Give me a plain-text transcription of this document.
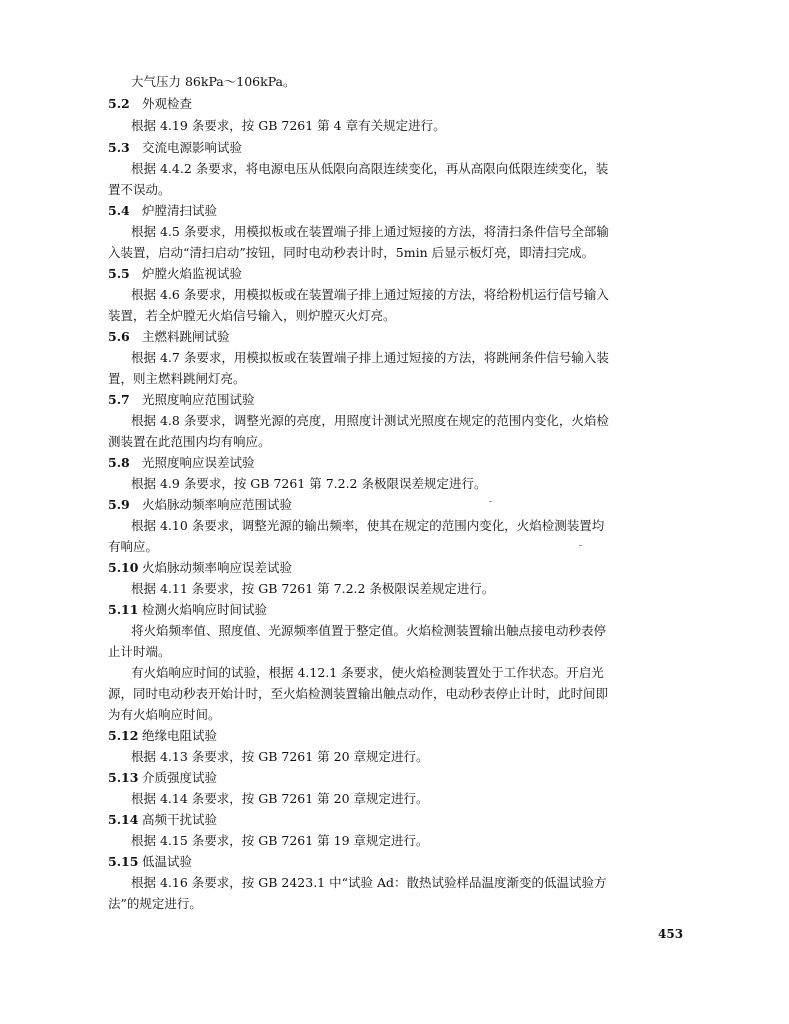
大气压力 86kPa～106kPa。
5.2 外观检查
根据 4.19 条要求，按 GB 7261 第 4 章有关规定进行。
5.3 交流电源影响试验
根据 4.4.2 条要求，将电源电压从低限向高限连续变化，再从高限向低限连续变化，装
置不误动。
5.4 炉膛清扫试验
根据 4.5 条要求，用模拟板或在装置端子排上通过短接的方法，将清扫条件信号全部输
入装置，启动“清扫启动”按钮，同时电动秒表计时，5min 后显示板灯亮，即清扫完成。
5.5 炉膛火焰监视试验
根据 4.6 条要求，用模拟板或在装置端子排上通过短接的方法，将给粉机运行信号输入
装置，若全炉膛无火焰信号输入，则炉膛灭火灯亮。
5.6 主燃料跳闸试验
根据 4.7 条要求，用模拟板或在装置端子排上通过短接的方法，将跳闸条件信号输入装
置，则主燃料跳闸灯亮。
5.7 光照度响应范围试验
根据 4.8 条要求，调整光源的亮度，用照度计测试光照度在规定的范围内变化，火焰检
测装置在此范围内均有响应。
5.8 光照度响应误差试验
根据 4.9 条要求，按 GB 7261 第 7.2.2 条极限误差规定进行。
5.9 火焰脉动频率响应范围试验
根据 4.10 条要求，调整光源的输出频率，使其在规定的范围内变化，火焰检测装置均
有响应。
5.10 火焰脉动频率响应误差试验
根据 4.11 条要求，按 GB 7261 第 7.2.2 条极限误差规定进行。
5.11 检测火焰响应时间试验
将火焰频率值、照度值、光源频率值置于整定值。火焰检测装置输出触点接电动秒表停
止计时端。
有火焰响应时间的试验，根据 4.12.1 条要求，使火焰检测装置处于工作状态。开启光
源，同时电动秒表开始计时，至火焰检测装置输出触点动作，电动秒表停止计时，此时间即
为有火焰响应时间。
5.12 绝缘电阻试验
根据 4.13 条要求，按 GB 7261 第 20 章规定进行。
5.13 介质强度试验
根据 4.14 条要求，按 GB 7261 第 20 章规定进行。
5.14 高频干扰试验
根据 4.15 条要求，按 GB 7261 第 19 章规定进行。
5.15 低温试验
根据 4.16 条要求，按 GB 2423.1 中“试验 Ad：散热试验样品温度渐变的低温试验方
法”的规定进行。
453
